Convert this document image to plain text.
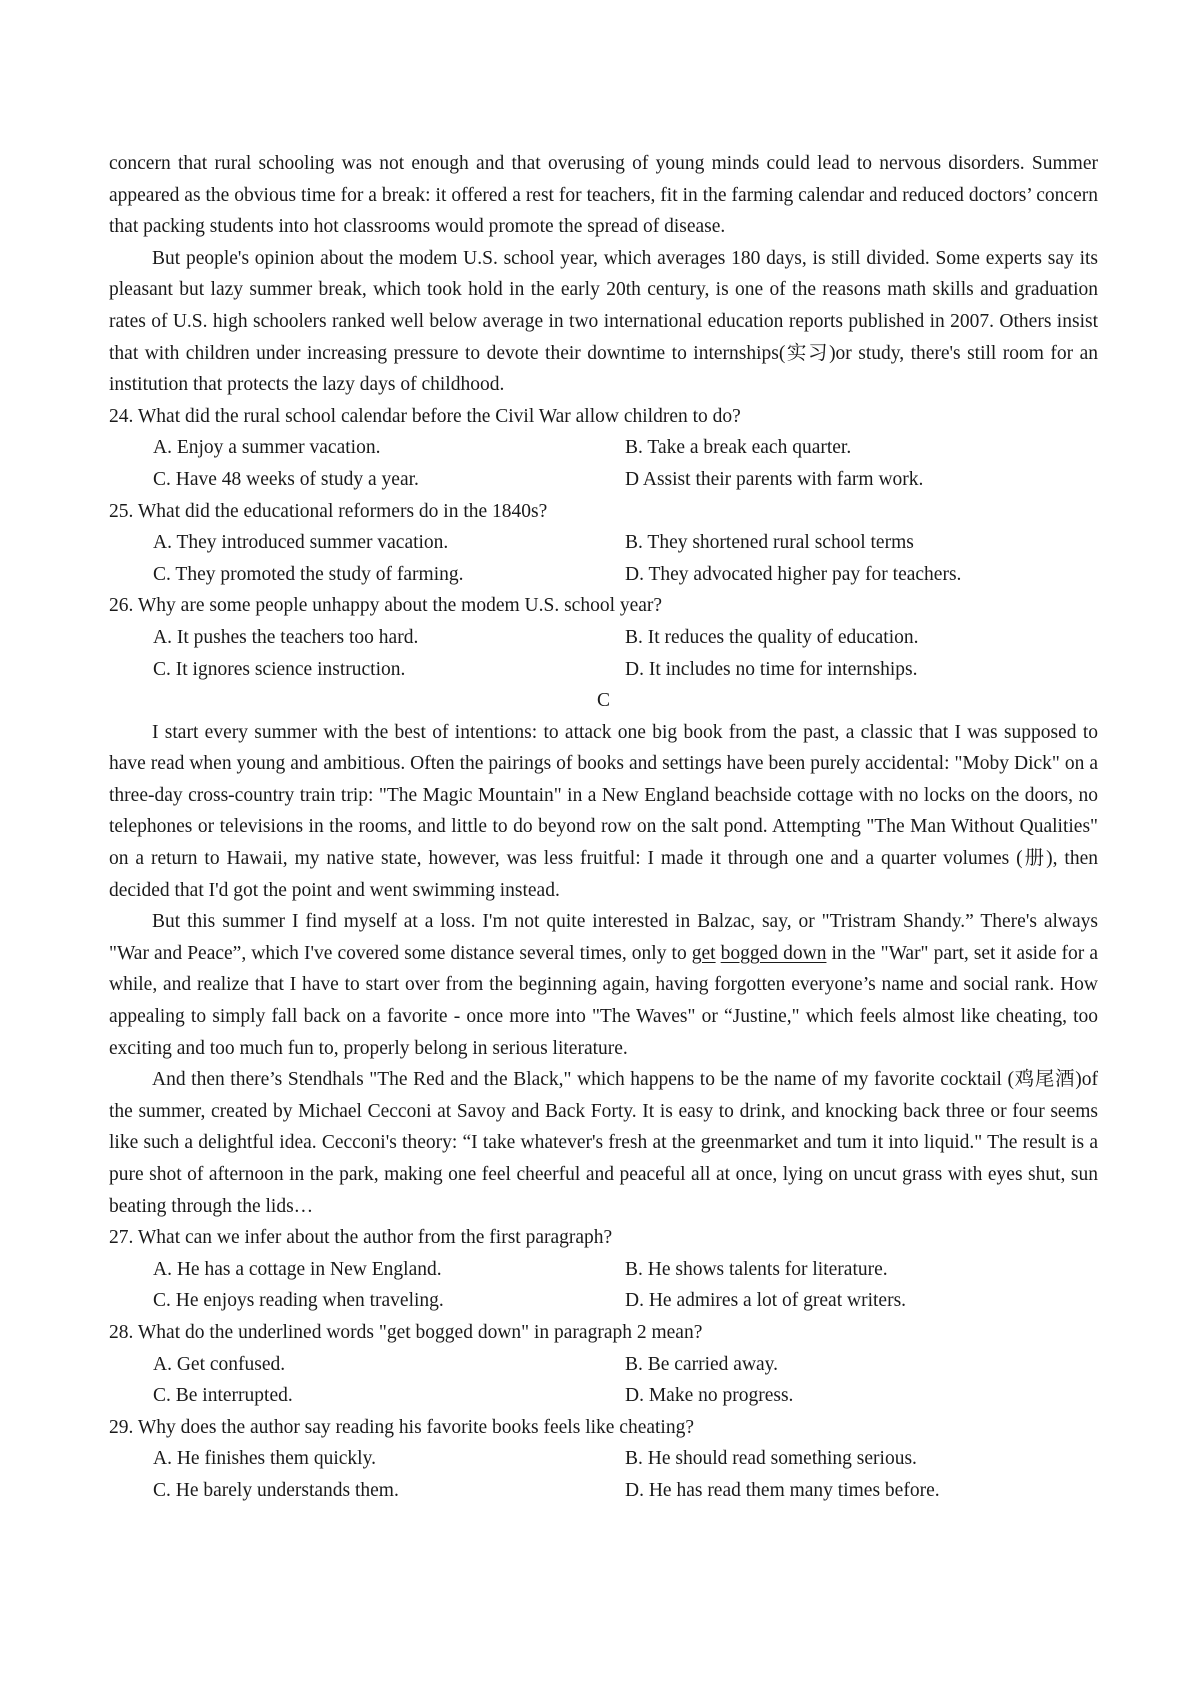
concern that rural schooling was not enough and that overusing of young minds could lead to nervous disorders. Summer appeared as the obvious time for a break: it offered a rest for teachers, fit in the farming calendar and reduced doctors’ concern that packing students into hot classrooms would promote the spread of disease.

But people's opinion about the modem U.S. school year, which averages 180 days, is still divided. Some experts say its pleasant but lazy summer break, which took hold in the early 20th century, is one of the reasons math skills and graduation rates of U.S. high schoolers ranked well below average in two international education reports published in 2007. Others insist that with children under increasing pressure to devote their downtime to internships(实习)or study, there's still room for an institution that protects the lazy days of childhood.

24. What did the rural school calendar before the Civil War allow children to do?

A. Enjoy a summer vacation.	B. Take a break each quarter.
C. Have 48 weeks of study a year.	D Assist their parents with farm work.

25. What did the educational reformers do in the 1840s?

A. They introduced summer vacation.	B. They shortened rural school terms
C. They promoted the study of farming.	D. They advocated higher pay for teachers.

26. Why are some people unhappy about the modem U.S. school year?

A. It pushes the teachers too hard.	B. It reduces the quality of education.
C. It ignores science instruction.	D. It includes no time for internships.

C

I start every summer with the best of intentions: to attack one big book from the past, a classic that I was supposed to have read when young and ambitious. Often the pairings of books and settings have been purely accidental: "Moby Dick" on a three-day cross-country train trip: "The Magic Mountain" in a New England beachside cottage with no locks on the doors, no telephones or televisions in the rooms, and little to do beyond row on the salt pond. Attempting "The Man Without Qualities" on a return to Hawaii, my native state, however, was less fruitful: I made it through one and a quarter volumes (册), then decided that I'd got the point and went swimming instead.

But this summer I find myself at a loss. I'm not quite interested in Balzac, say, or "Tristram Shandy.” There's always "War and Peace”, which I've covered some distance several times, only to get bogged down in the "War" part, set it aside for a while, and realize that I have to start over from the beginning again, having forgotten everyone’s name and social rank. How appealing to simply fall back on a favorite - once more into "The Waves" or “Justine," which feels almost like cheating, too exciting and too much fun to, properly belong in serious literature.

And then there’s Stendhals "The Red and the Black," which happens to be the name of my favorite cocktail (鸡尾酒)of the summer, created by Michael Cecconi at Savoy and Back Forty. It is easy to drink, and knocking back three or four seems like such a delightful idea. Cecconi's theory: “I take whatever's fresh at the greenmarket and tum it into liquid." The result is a pure shot of afternoon in the park, making one feel cheerful and peaceful all at once, lying on uncut grass with eyes shut, sun beating through the lids…

27. What can we infer about the author from the first paragraph?

A. He has a cottage in New England.	B. He shows talents for literature.
C. He enjoys reading when traveling.	D. He admires a lot of great writers.

28. What do the underlined words "get bogged down" in paragraph 2 mean?

A. Get confused.	B. Be carried away.
C. Be interrupted.	D. Make no progress.

29. Why does the author say reading his favorite books feels like cheating?

A. He finishes them quickly.	B. He should read something serious.
C. He barely understands them.	D. He has read them many times before.
